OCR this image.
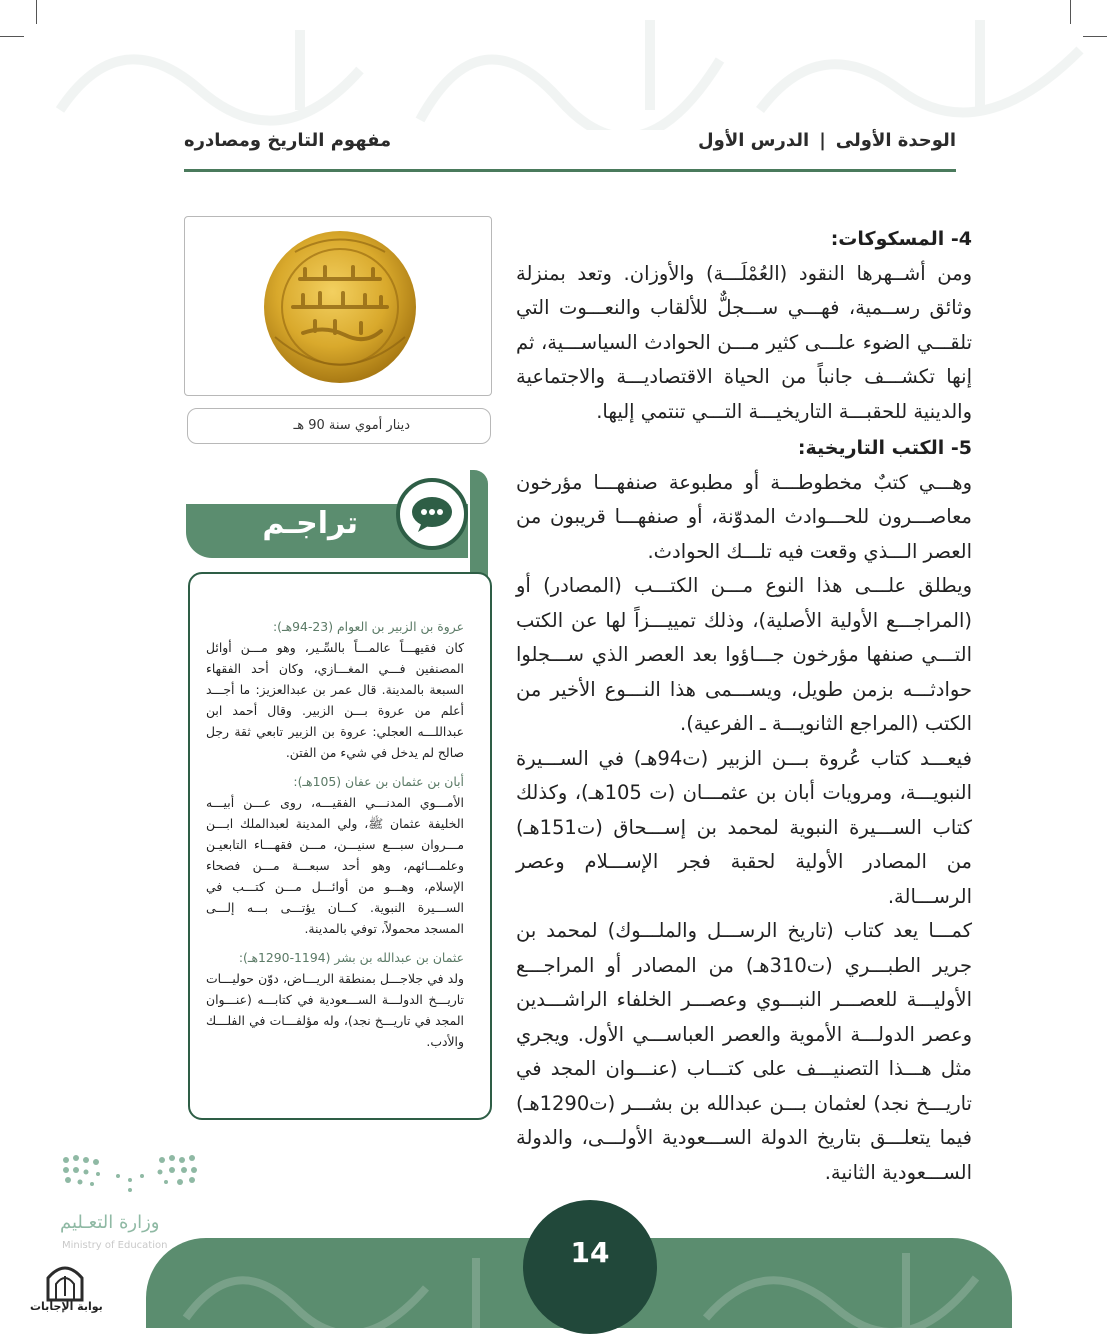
الوحدة الأولى|الدرس الأول
مفهوم التاريخ ومصادره

4- المسكوكات:

ومن أشــهرها النقود (العُمْلَـــة) والأوزان. وتعد بمنزلة وثائق رســمية، فهـــي ســـجلٌّ للألقاب والنعـــوت التي تلقـــي الضوء علـــى كثير مـــن الحوادث السياســـية، ثم إنها تكشـــف جانباً من الحياة الاقتصاديـــة والاجتماعية والدينية للحقبـــة التاريخيـــة التـــي تنتمي إليها.

5- الكتب التاريخية:

وهـــي كتبٌ مخطوطـــة أو مطبوعة صنفهـــا مؤرخون معاصـــرون للحـــوادث المدوّنة، أو صنفهـــا قريبون من العصر الـــذي وقعت فيه تلـــك الحوادث.

ويطلق علـــى هذا النوع مـــن الكتـــب (المصادر) أو (المراجـــع الأولية الأصلية)، وذلك تمييـــزاً لها عن الكتب التـــي صنفها مؤرخون جـــاؤوا بعد العصر الذي ســـجلوا حوادثـــه بزمن طويل، ويســـمى هذا النـــوع الأخير من الكتب (المراجع الثانويـــة ـ الفرعية).

فيعـــد كتاب عُروة بـــن الزبير (ت94هـ) في الســـيرة النبويـــة، ومرويات أبان بن عثمـــان (ت 105هـ)، وكذلك كتاب الســـيرة النبوية لمحمد بن إســـحاق (ت151هـ) من المصادر الأولية لحقبة فجر الإســـلام وعصر الرســـالة.

كمـــا يعد كتاب (تاريخ الرســـل والملـــوك) لمحمد بن جرير الطبـــري (ت310هـ) من المصادر أو المراجـــع الأوليـــة للعصـــر النبـــوي وعصـــر الخلفاء الراشـــدين وعصر الدولـــة الأموية والعصر العباســـي الأول. ويجري مثل هـــذا التصنيـــف على كتـــاب (عنـــوان المجد في تاريـــخ نجد) لعثمان بـــن عبدالله بن بشـــر (ت1290هـ) فيما يتعلـــق بتاريخ الدولة الســـعودية الأولـــى، والدولة الســـعودية الثانية.

دينار أموي سنة 90 هـ
تراجـم

عروة بن الزبير بن العوام (23-94هـ):
كان فقيهـــاً عالمـــاً بالسِّـير، وهو مـــن أوائل المصنفين فـــي المغـــازي، وكان أحد الفقهاء السبعة بالمدينة. قال عمر بن عبدالعزيز: ما أجـــد أعلم من عروة بـــن الزبير. وقال أحمد ابن عبداللـــه العجلي: عروة بن الزبير تابعي ثقة رجل صالح لم يدخل في شيء من الفتن.

أبان بن عثمان بن عفان (105هـ):
الأمـــوي المدنـــي الفقيـــه، روى عـــن أبيـــه الخليفة عثمان ﷺ، ولي المدينة لعبدالملك ابـــن مـــروان سبـــع سنيـــن، مـــن فقهـــاء التابعيـن وعلمـــائهم، وهو أحد سبعـــة مـــن فصحاء الإسلام، وهـــو من أوائـــل مـــن كتـــب في الســـيرة النبوية. كـــان يؤتـــى بـــه إلـــى المسجد محمولاً، توفي بالمدينة.

عثمان بن عبدالله بن بشر (1194-1290هـ):
ولد في جلاجـــل بمنطقة الريـــاض، دوّن حوليـــات تاريـــخ الدولـــة الســـعودية في كتابـــه (عنـــوان المجد في تاريـــخ نجد)، وله مؤلفـــات في الفلـــك والأدب.

14
وزارة التعـليم
Ministry of Education
بوابة الإجابات
